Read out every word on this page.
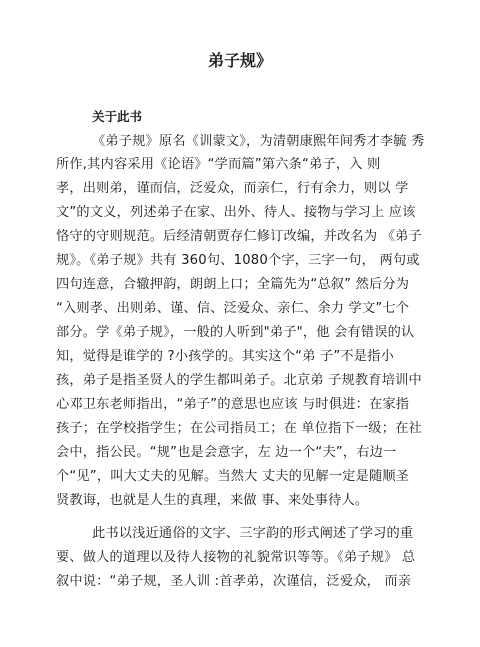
弟子规》
关于此书

《弟子规》原名《训蒙文》，为清朝康熙年间秀才李毓 秀

所作,其内容采用《论语》“学而篇”第六条“弟子，入 则

孝，出则弟，谨而信，泛爱众，而亲仁，行有余力，则以 学

文”的文义，列述弟子在家、出外、待人、接物与学习上 应该

恪守的守则规范。后经清朝贾存仁修订改编，并改名为 《弟子

规》。《弟子规》共有 360句、1080个字，三字一句， 两句或

四句连意，合辙押韵，朗朗上口；全篇先为“总叙” 然后分为

“入则孝、出则弟、谨、信、泛爱众、亲仁、余力 学文”七个

部分。学《弟子规》，一般的人听到"弟子"，他 会有错误的认

知，觉得是谁学的 ?小孩学的。其实这个“弟 子”不是指小

孩，弟子是指圣贤人的学生都叫弟子。北京弟 子规教育培训中

心邓卫东老师指出，“弟子”的意思也应该 与时俱进：在家指

孩子；在学校指学生；在公司指员工；在 单位指下一级；在社

会中，指公民。“规”也是会意字，左 边一个“夫”，右边一

个“见”，叫大丈夫的见解。当然大 丈夫的见解一定是随顺圣

贤教诲，也就是人生的真理，来做 事、来处事待人。

此书以浅近通俗的文字、三字韵的形式阐述了学习的重

要、做人的道理以及待人接物的礼貌常识等等。《弟子规》 总

叙中说：“弟子规，圣人训 :首孝弟，次谨信，泛爱众， 而亲
